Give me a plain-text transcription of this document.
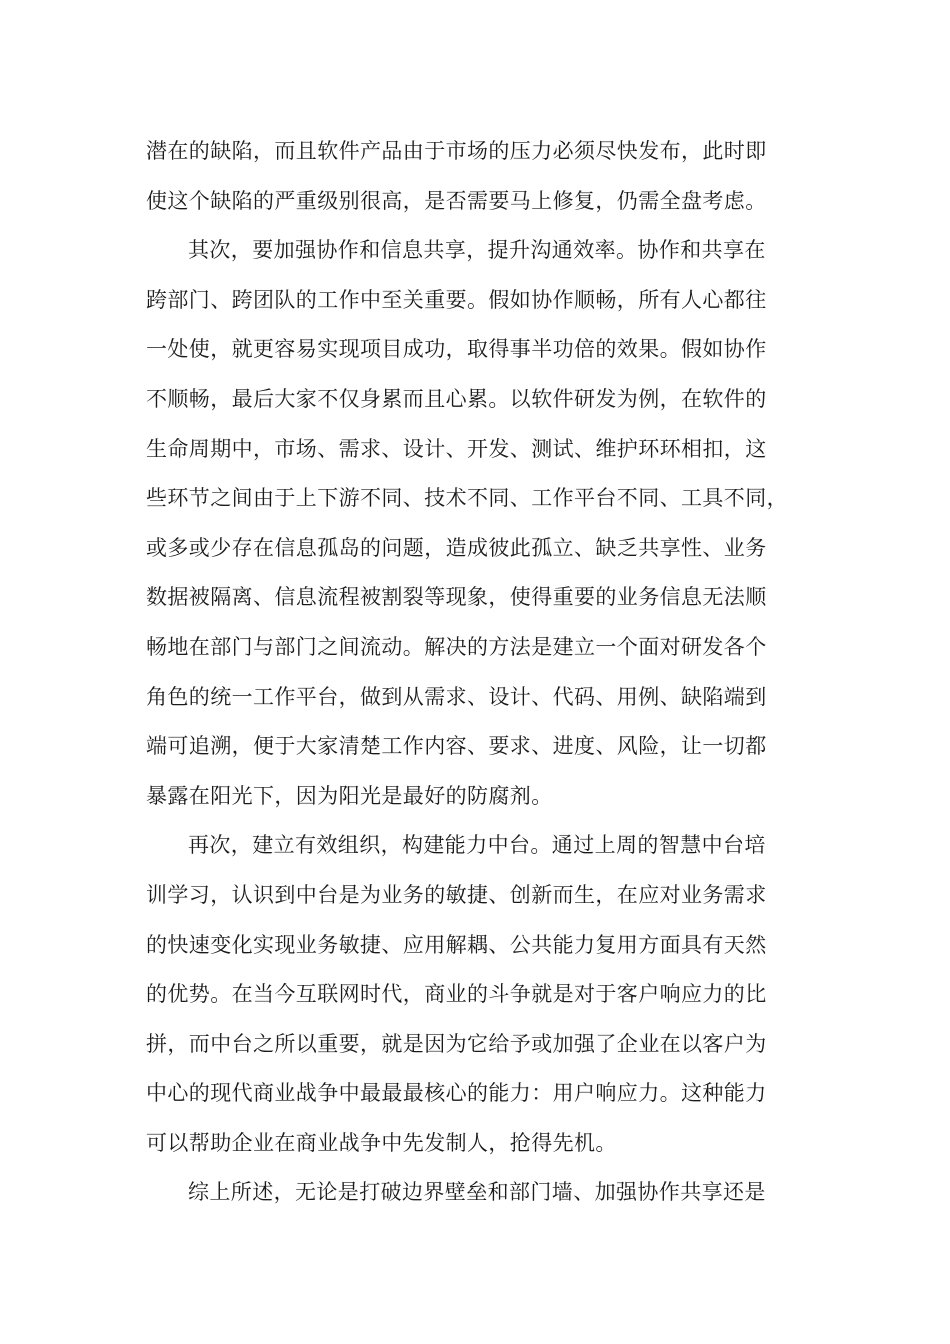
潜在的缺陷，而且软件产品由于市场的压力必须尽快发布，此时即
使这个缺陷的严重级别很高，是否需要马上修复，仍需全盘考虑。
其次，要加强协作和信息共享，提升沟通效率。协作和共享在
跨部门、跨团队的工作中至关重要。假如协作顺畅，所有人心都往
一处使，就更容易实现项目成功，取得事半功倍的效果。假如协作
不顺畅，最后大家不仅身累而且心累。以软件研发为例，在软件的
生命周期中，市场、需求、设计、开发、测试、维护环环相扣，这
些环节之间由于上下游不同、技术不同、工作平台不同、工具不同，
或多或少存在信息孤岛的问题，造成彼此孤立、缺乏共享性、业务
数据被隔离、信息流程被割裂等现象，使得重要的业务信息无法顺
畅地在部门与部门之间流动。解决的方法是建立一个面对研发各个
角色的统一工作平台，做到从需求、设计、代码、用例、缺陷端到
端可追溯，便于大家清楚工作内容、要求、进度、风险，让一切都
暴露在阳光下，因为阳光是最好的防腐剂。
再次，建立有效组织，构建能力中台。通过上周的智慧中台培
训学习，认识到中台是为业务的敏捷、创新而生，在应对业务需求
的快速变化实现业务敏捷、应用解耦、公共能力复用方面具有天然
的优势。在当今互联网时代，商业的斗争就是对于客户响应力的比
拼，而中台之所以重要，就是因为它给予或加强了企业在以客户为
中心的现代商业战争中最最最核心的能力：用户响应力。这种能力
可以帮助企业在商业战争中先发制人，抢得先机。
综上所述，无论是打破边界壁垒和部门墙、加强协作共享还是
